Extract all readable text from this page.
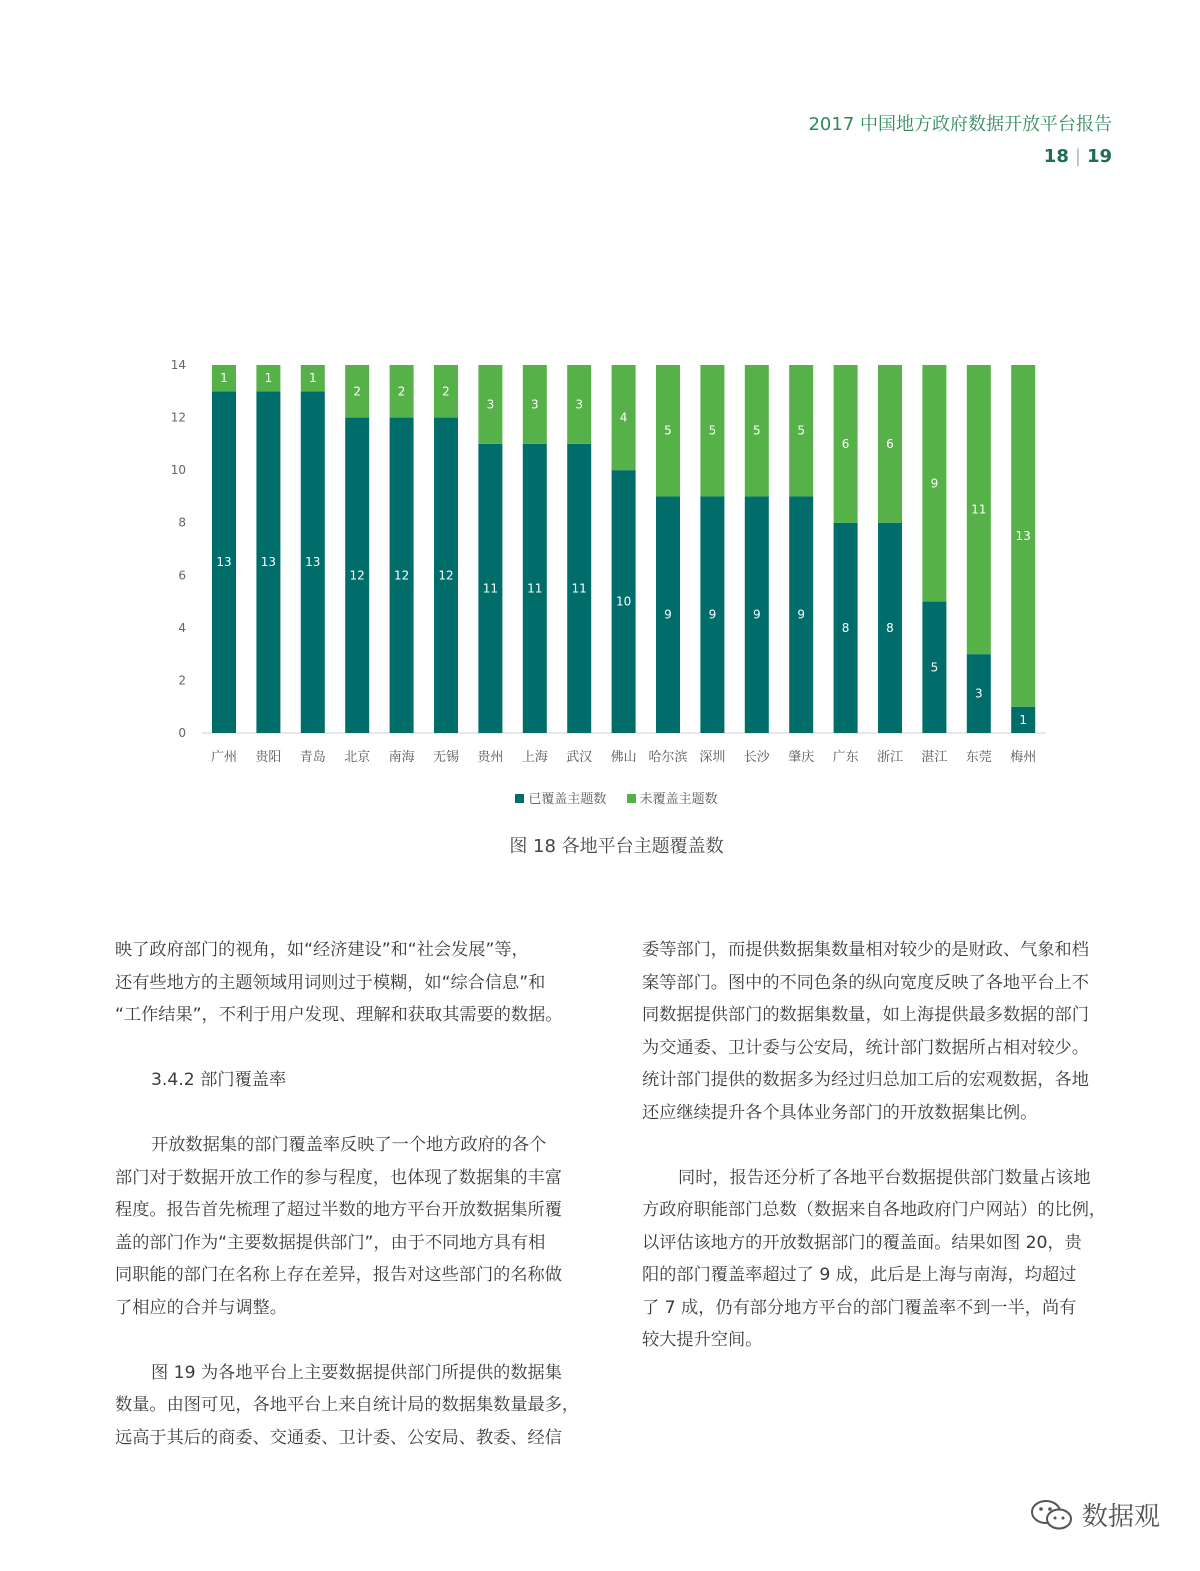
2017 中国地方政府数据开放平台报告
18 | 19
0
2
4
6
8
10
12
14
13
1
广州
13
1
贵阳
13
1
青岛
12
2
北京
12
2
南海
12
2
无锡
11
3
贵州
11
3
上海
11
3
武汉
10
4
佛山
9
5
哈尔滨
9
5
深圳
9
5
长沙
9
5
肇庆
8
6
广东
8
6
浙江
5
9
湛江
3
11
东莞
1
13
梅州
已覆盖主题数	未覆盖主题数
图 18 各地平台主题覆盖数

映了政府部门的视角，如“经济建设”和“社会发展”等，
还有些地方的主题领域用词则过于模糊，如“综合信息”和
“工作结果”，不利于用户发现、理解和获取其需要的数据。

3.4.2 部门覆盖率

开放数据集的部门覆盖率反映了一个地方政府的各个
部门对于数据开放工作的参与程度，也体现了数据集的丰富
程度。报告首先梳理了超过半数的地方平台开放数据集所覆
盖的部门作为“主要数据提供部门”，由于不同地方具有相
同职能的部门在名称上存在差异，报告对这些部门的名称做
了相应的合并与调整。

图 19 为各地平台上主要数据提供部门所提供的数据集
数量。由图可见，各地平台上来自统计局的数据集数量最多，
远高于其后的商委、交通委、卫计委、公安局、教委、经信

委等部门，而提供数据集数量相对较少的是财政、气象和档
案等部门。图中的不同色条的纵向宽度反映了各地平台上不
同数据提供部门的数据集数量，如上海提供最多数据的部门
为交通委、卫计委与公安局，统计部门数据所占相对较少。
统计部门提供的数据多为经过归总加工后的宏观数据，各地
还应继续提升各个具体业务部门的开放数据集比例。

同时，报告还分析了各地平台数据提供部门数量占该地
方政府职能部门总数（数据来自各地政府门户网站）的比例，
以评估该地方的开放数据部门的覆盖面。结果如图 20，贵
阳的部门覆盖率超过了 9 成，此后是上海与南海，均超过
了 7 成，仍有部分地方平台的部门覆盖率不到一半，尚有
较大提升空间。

数据观
